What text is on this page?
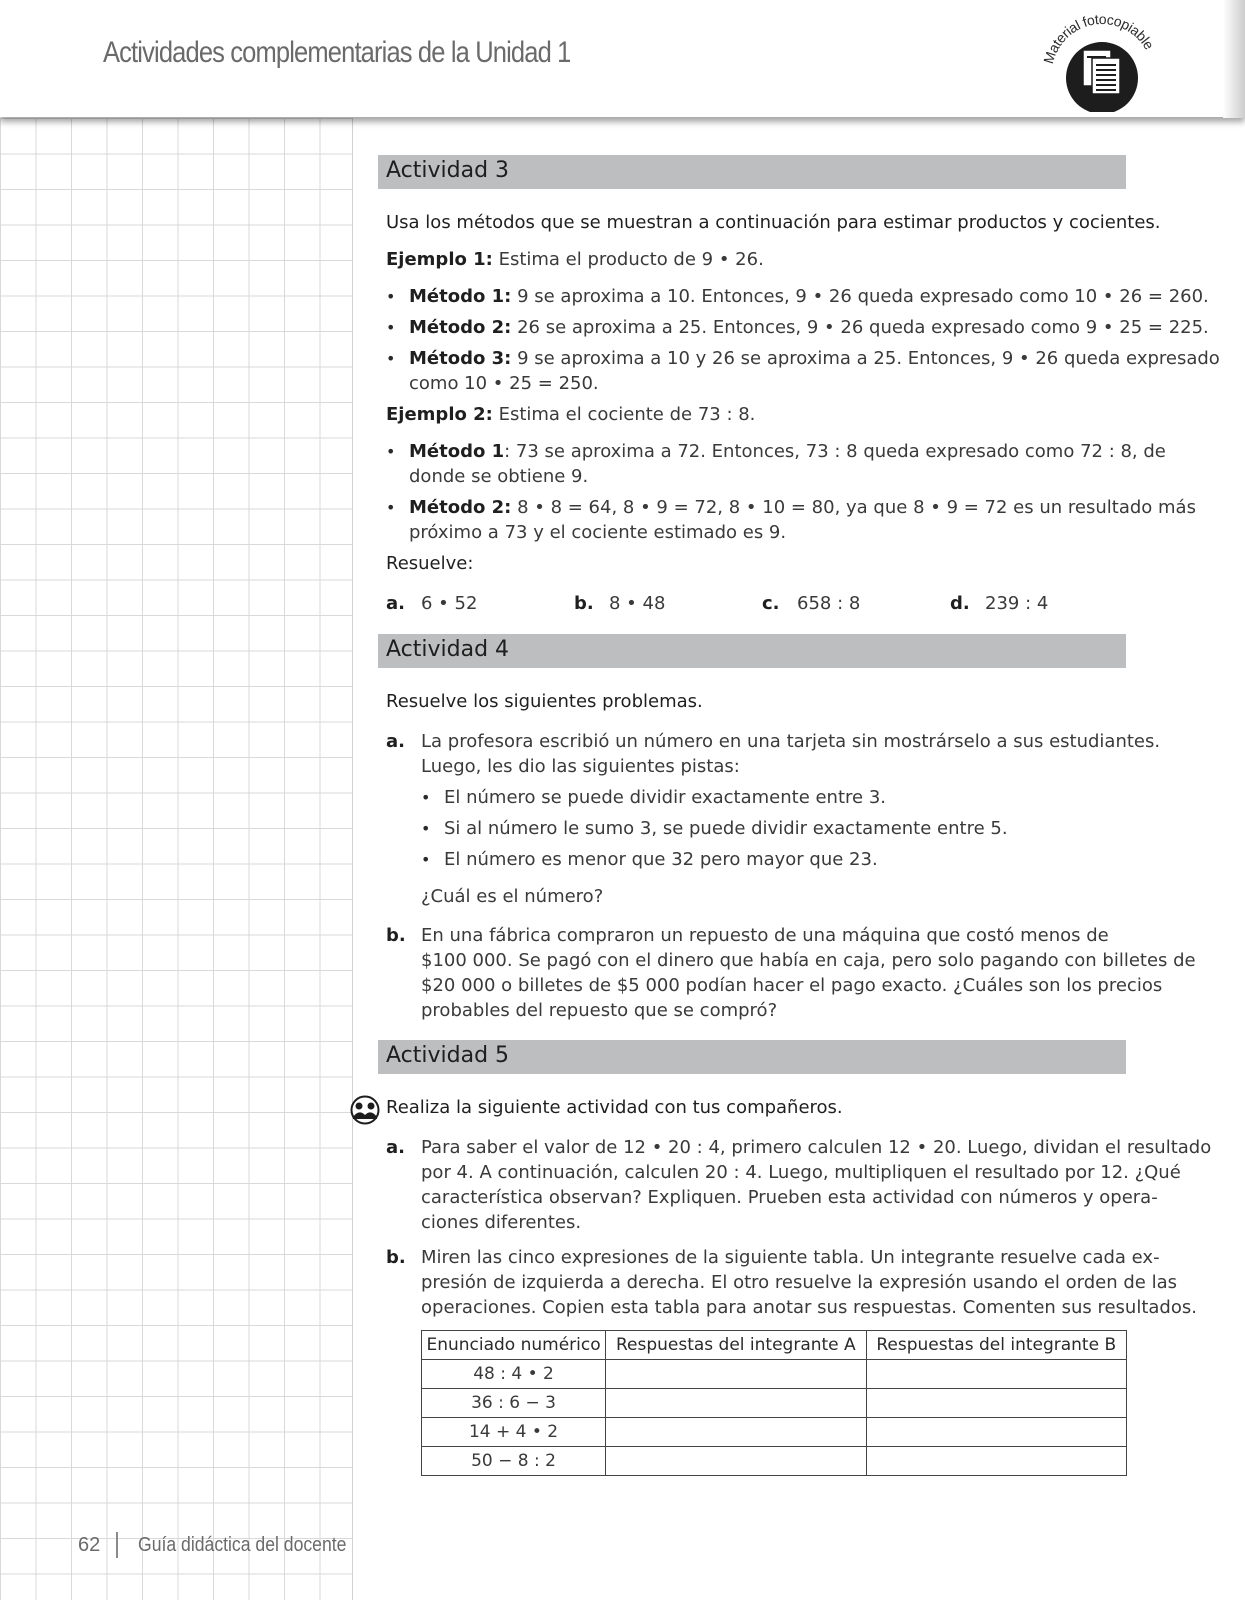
Actividades complementarias de la Unidad 1	Material fotocopiable
Actividad 3
Usa los métodos que se muestran a continuación para estimar productos y cocientes.
Ejemplo 1: Estima el producto de 9 • 26.
• Método 1: 9 se aproxima a 10. Entonces, 9 • 26 queda expresado como 10 • 26 = 260.
• Método 2: 26 se aproxima a 25. Entonces, 9 • 26 queda expresado como 9 • 25 = 225.
• Método 3: 9 se aproxima a 10 y 26 se aproxima a 25. Entonces, 9 • 26 queda expresado
como 10 • 25 = 250.
Ejemplo 2: Estima el cociente de 73 : 8.
• Método 1: 73 se aproxima a 72. Entonces, 73 : 8 queda expresado como 72 : 8, de
donde se obtiene 9.
• Método 2: 8 • 8 = 64, 8 • 9 = 72, 8 • 10 = 80, ya que 8 • 9 = 72 es un resultado más
próximo a 73 y el cociente estimado es 9.
Resuelve:
a. 6 • 52	b. 8 • 48	c. 658 : 8	d. 239 : 4
Actividad 4
Resuelve los siguientes problemas.
a. La profesora escribió un número en una tarjeta sin mostrárselo a sus estudiantes.
Luego, les dio las siguientes pistas:
• El número se puede dividir exactamente entre 3.
• Si al número le sumo 3, se puede dividir exactamente entre 5.
• El número es menor que 32 pero mayor que 23.
¿Cuál es el número?
b. En una fábrica compraron un repuesto de una máquina que costó menos de
$100 000. Se pagó con el dinero que había en caja, pero solo pagando con billetes de
$20 000 o billetes de $5 000 podían hacer el pago exacto. ¿Cuáles son los precios
probables del repuesto que se compró?
Actividad 5
Realiza la siguiente actividad con tus compañeros.
a. Para saber el valor de 12 • 20 : 4, primero calculen 12 • 20. Luego, dividan el resultado
por 4. A continuación, calculen 20 : 4. Luego, multipliquen el resultado por 12. ¿Qué
característica observan? Expliquen. Prueben esta actividad con números y opera-
ciones diferentes.
b. Miren las cinco expresiones de la siguiente tabla. Un integrante resuelve cada ex-
presión de izquierda a derecha. El otro resuelve la expresión usando el orden de las
operaciones. Copien esta tabla para anotar sus respuestas. Comenten sus resultados.
Enunciado numérico	Respuestas del integrante A	Respuestas del integrante B
48 : 4 • 2		
36 : 6 − 3		
14 + 4 • 2		
50 − 8 : 2		
62 Guía didáctica del docente
